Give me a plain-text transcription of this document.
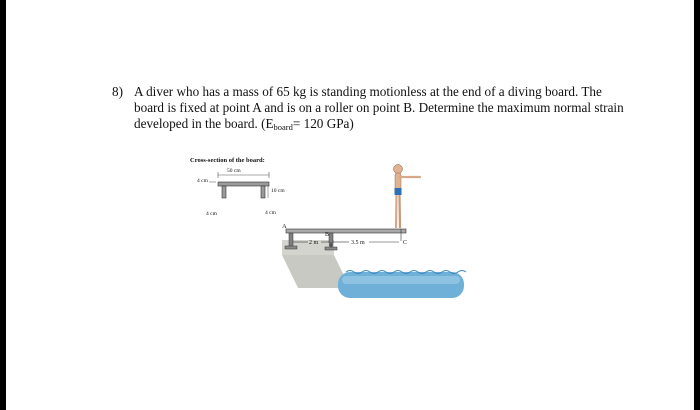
8) A diver who has a mass of 65 kg is standing motionless at the end of a diving board. The board is fixed at point A and is on a roller on point B. Determine the maximum normal strain developed in the board. ($E_{board}= 120$ GPa)
Cross-section of the board:
50 cm
4 cm
10 cm
4 cm	4 cm
A
B
C
2 m	3.5 m
